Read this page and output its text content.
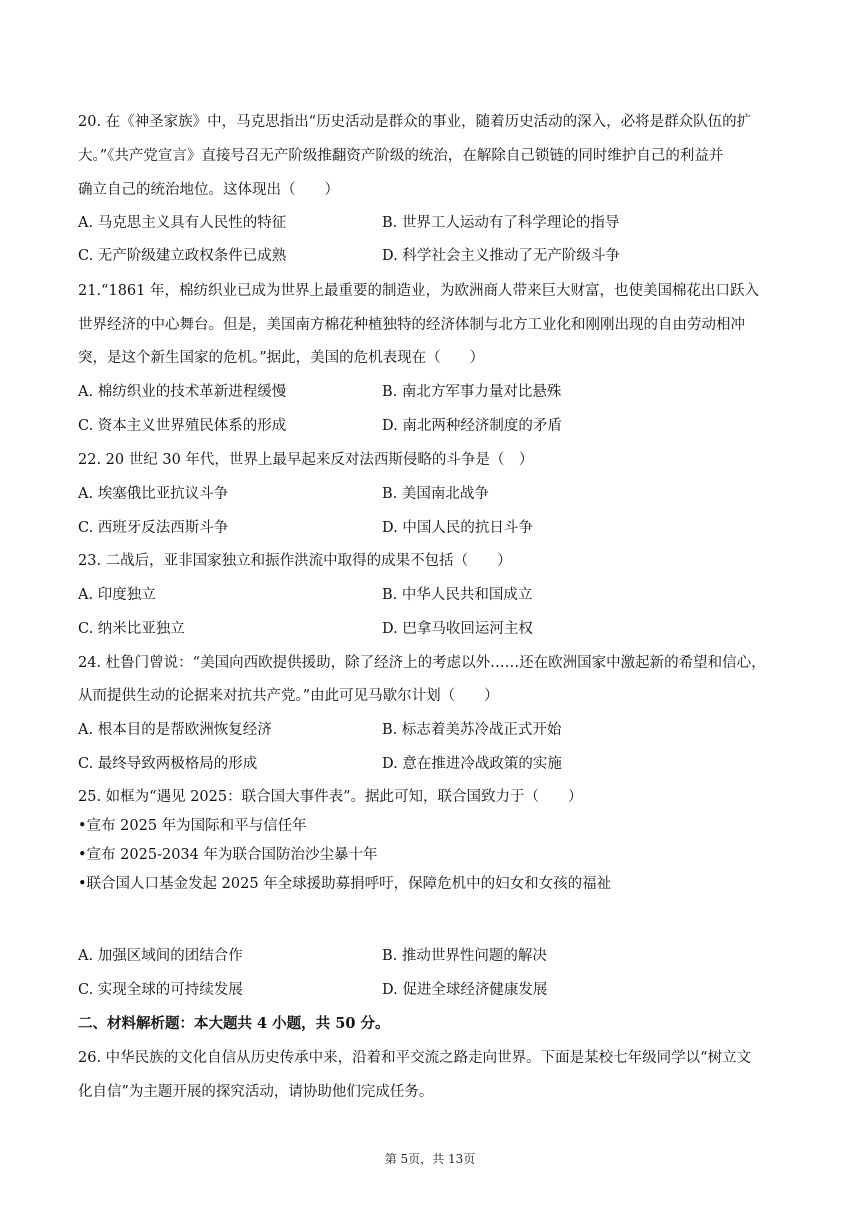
20. 在《神圣家族》中，马克思指出“历史活动是群众的事业，随着历史活动的深入，必将是群众队伍的扩
大。”《共产党宣言》直接号召无产阶级推翻资产阶级的统治，在解除自己锁链的同时维护自己的利益并
确立自己的统治地位。这体现出（　　）
A. 马克思主义具有人民性的特征	B. 世界工人运动有了科学理论的指导
C. 无产阶级建立政权条件已成熟	D. 科学社会主义推动了无产阶级斗争
21.“1861 年，棉纺织业已成为世界上最重要的制造业，为欧洲商人带来巨大财富，也使美国棉花出口跃入
世界经济的中心舞台。但是，美国南方棉花种植独特的经济体制与北方工业化和刚刚出现的自由劳动相冲
突，是这个新生国家的危机。”据此，美国的危机表现在（　　）
A. 棉纺织业的技术革新进程缓慢	B. 南北方军事力量对比悬殊
C. 资本主义世界殖民体系的形成	D. 南北两种经济制度的矛盾
22. 20 世纪 30 年代，世界上最早起来反对法西斯侵略的斗争是（　）
A. 埃塞俄比亚抗议斗争	B. 美国南北战争
C. 西班牙反法西斯斗争	D. 中国人民的抗日斗争
23. 二战后，亚非国家独立和振作洪流中取得的成果不包括（　　）
A. 印度独立	B. 中华人民共和国成立
C. 纳米比亚独立	D. 巴拿马收回运河主权
24. 杜鲁门曾说：“美国向西欧提供援助，除了经济上的考虑以外……还在欧洲国家中激起新的希望和信心，
从而提供生动的论据来对抗共产党。”由此可见马歇尔计划（　　）
A. 根本目的是帮欧洲恢复经济	B. 标志着美苏冷战正式开始
C. 最终导致两极格局的形成	D. 意在推进冷战政策的实施
25. 如框为“遇见 2025：联合国大事件表”。据此可知，联合国致力于（　　）
•宣布 2025 年为国际和平与信任年
•宣布 2025-2034 年为联合国防治沙尘暴十年
•联合国人口基金发起 2025 年全球援助募捐呼吁，保障危机中的妇女和女孩的福祉
A. 加强区域间的团结合作	B. 推动世界性问题的解决
C. 实现全球的可持续发展	D. 促进全球经济健康发展
二、材料解析题：本大题共 4 小题，共 50 分。
26. 中华民族的文化自信从历史传承中来，沿着和平交流之路走向世界。下面是某校七年级同学以“树立文
化自信”为主题开展的探究活动，请协助他们完成任务。
第 5页，共 13页
